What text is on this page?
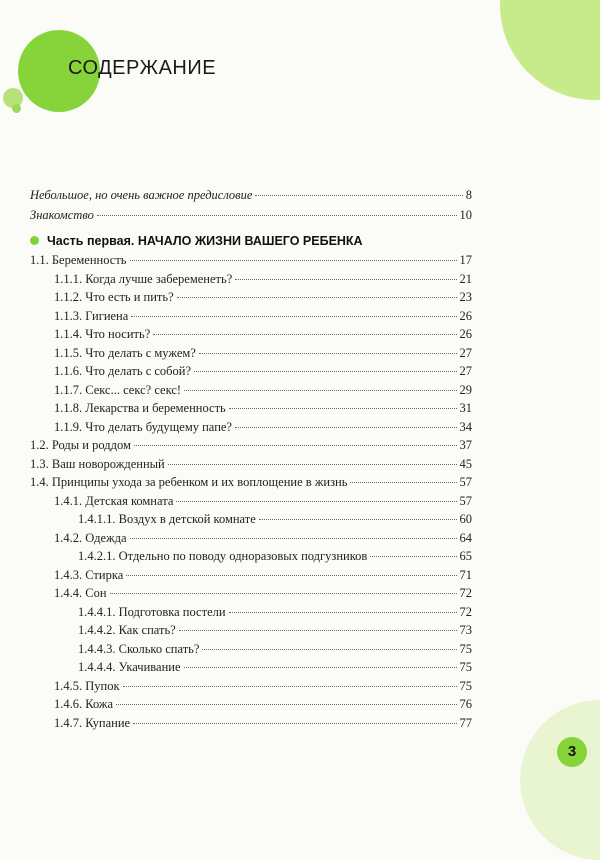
СОДЕРЖАНИЕ
Часть первая. НАЧАЛО ЖИЗНИ ВАШЕГО РЕБЕНКА
3
Небольшое, но очень важное предисловие	8
Знакомство	10
1.1. Беременность	17
1.1.1. Когда лучше забеременеть?	21
1.1.2. Что есть и пить?	23
1.1.3. Гигиена	26
1.1.4. Что носить?	26
1.1.5. Что делать с мужем?	27
1.1.6. Что делать с собой?	27
1.1.7. Секс... секс? секс!	29
1.1.8. Лекарства и беременность	31
1.1.9. Что делать будущему папе?	34
1.2. Роды и роддом	37
1.3. Ваш новорожденный	45
1.4. Принципы ухода за ребенком и их воплощение в жизнь	57
1.4.1. Детская комната	57
1.4.1.1. Воздух в детской комнате	60
1.4.2. Одежда	64
1.4.2.1. Отдельно по поводу одноразовых подгузников	65
1.4.3. Стирка	71
1.4.4. Сон	72
1.4.4.1. Подготовка постели	72
1.4.4.2. Как спать?	73
1.4.4.3. Сколько спать?	75
1.4.4.4. Укачивание	75
1.4.5. Пупок	75
1.4.6. Кожа	76
1.4.7. Купание	77
